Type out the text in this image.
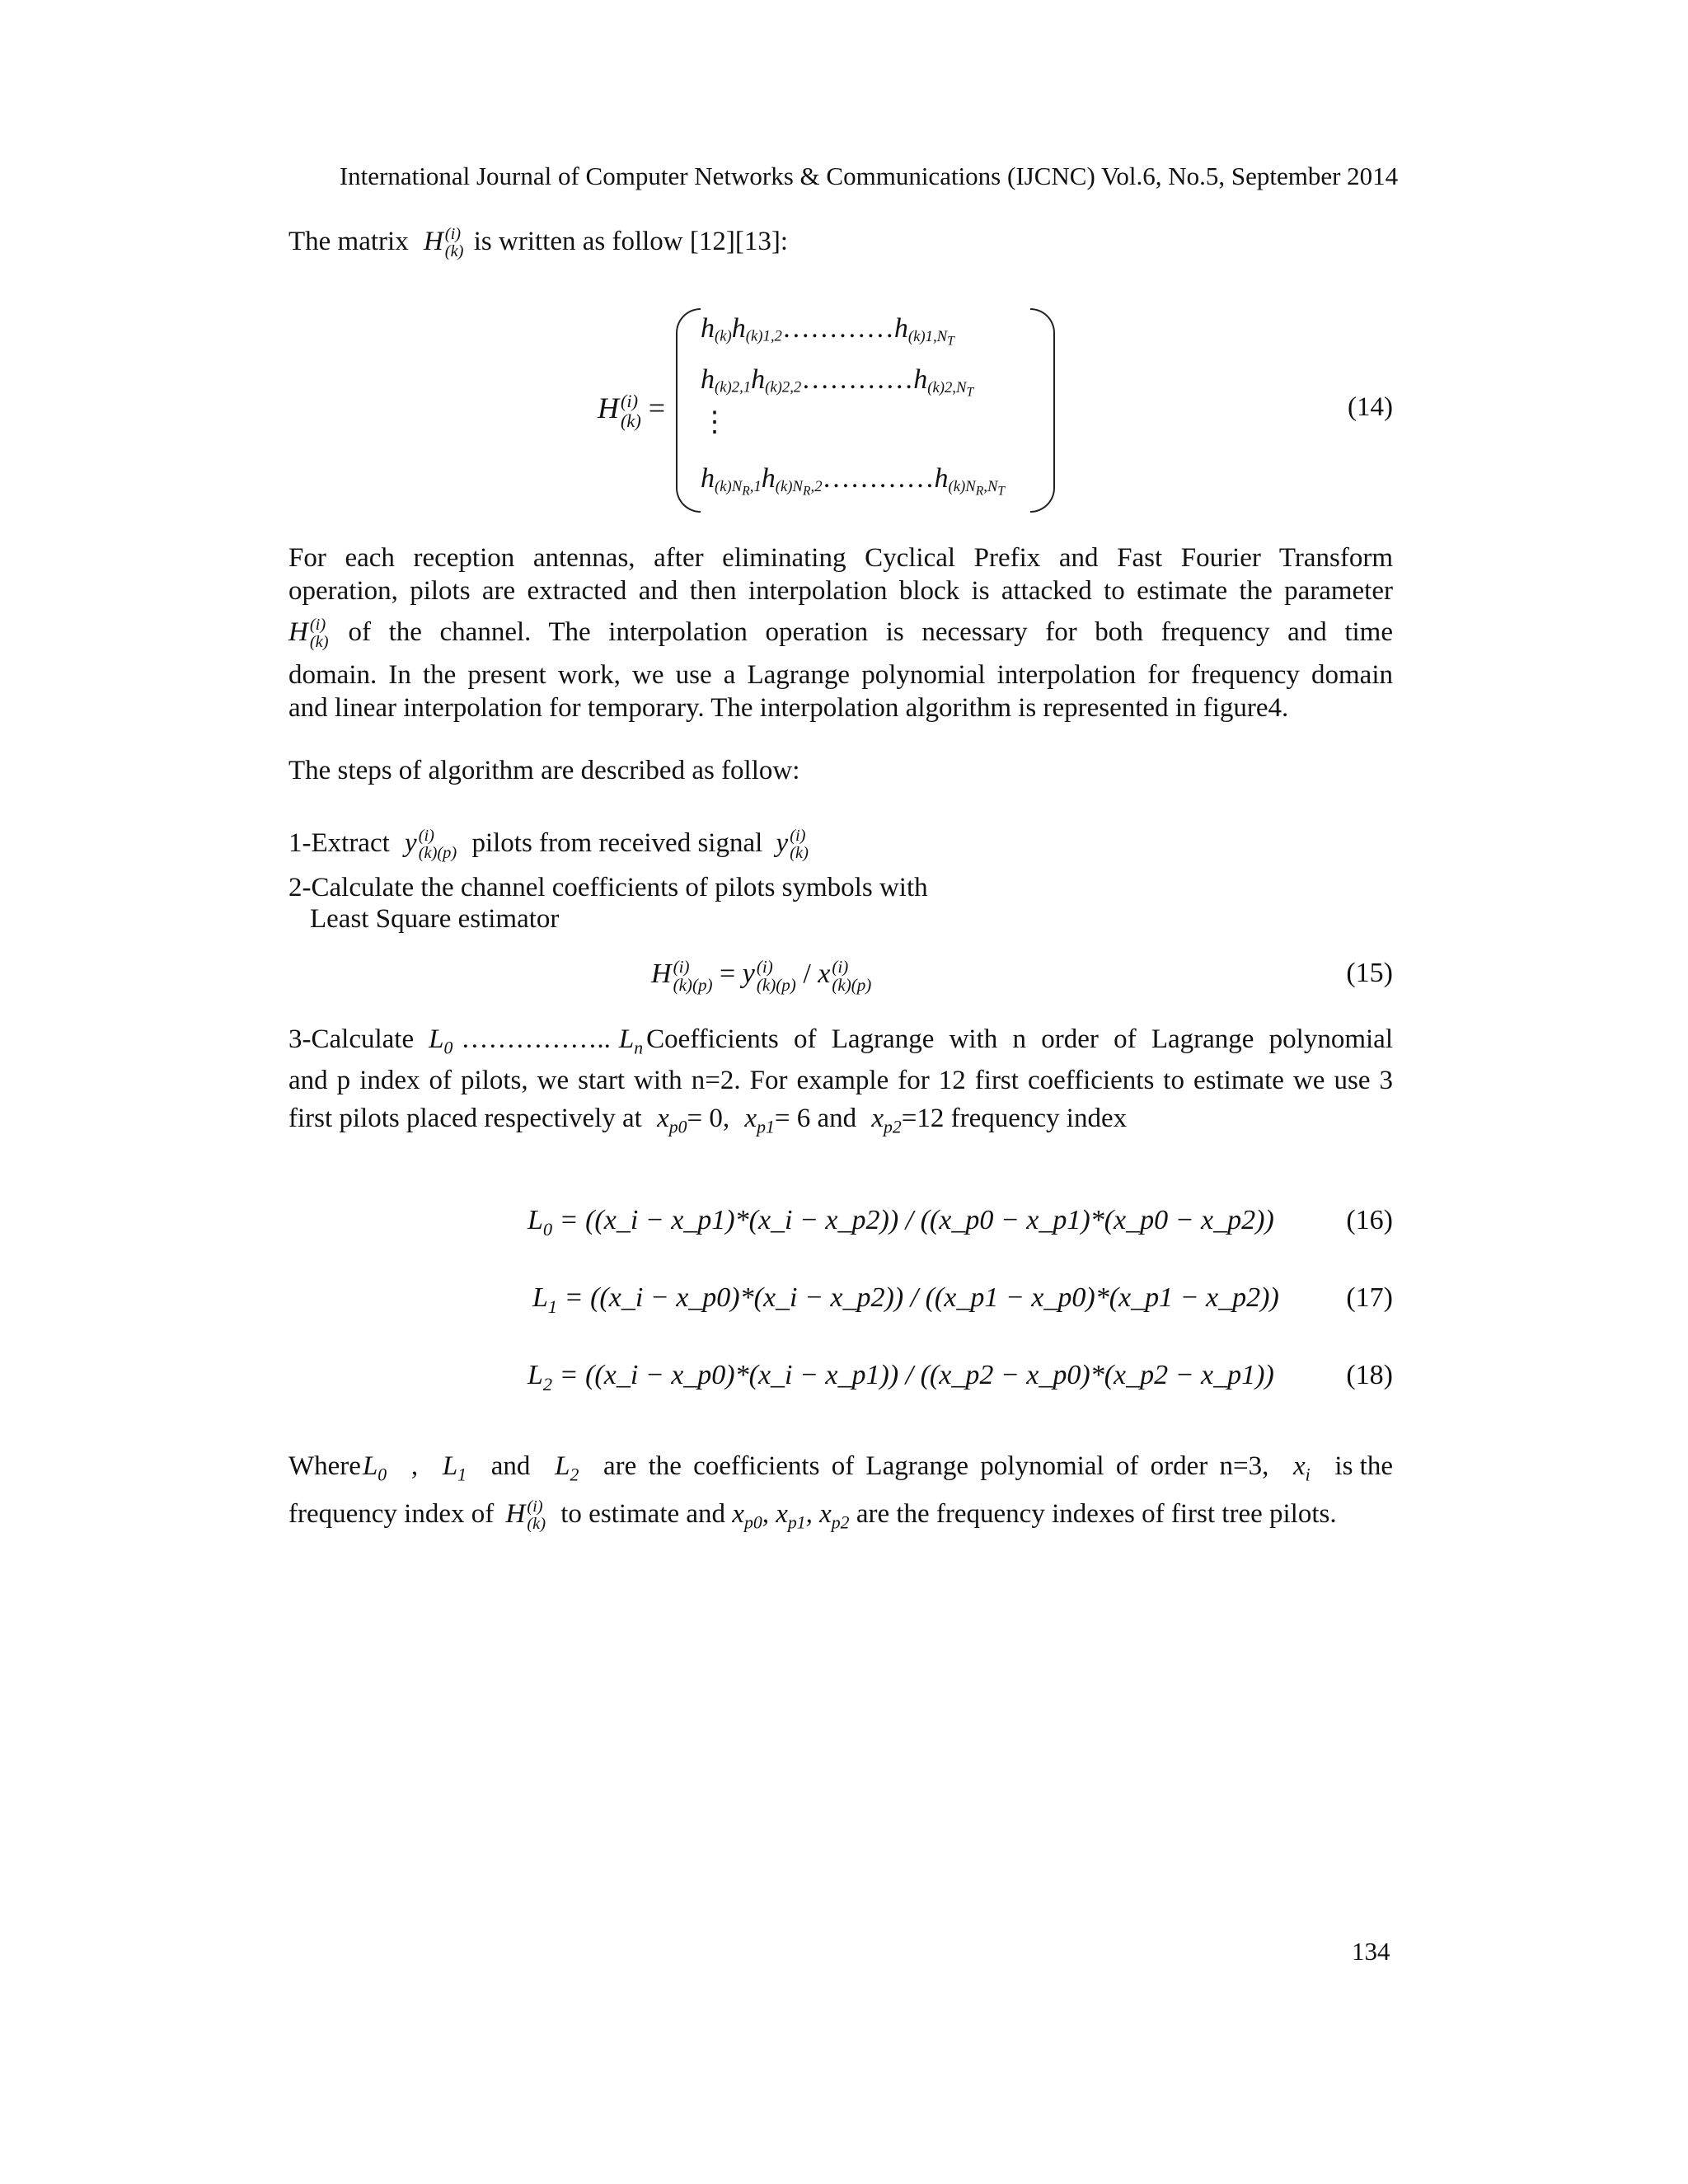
International Journal of Computer Networks & Communications (IJCNC) Vol.6, No.5, September 2014
The matrix H (i)
(k) is written as follow [12][13]:
H (i)
(k) =
$h(k)h(k)1,2\dots\dots\dots\dots h(k)1,N_T$
$h(k)2,1h(k)2,2\dots\dots\dots\dots h(k)2,N_T$
⋮
$h(k)N_R,1h(k)N_R,2\dots\dots\dots\dots h(k)N_R,N_T$
(14)
For each reception antennas, after eliminating Cyclical Prefix and Fast Fourier Transform
operation, pilots are extracted and then interpolation block is attacked to estimate the parameter
H (i)
(k) of the channel. The interpolation operation is necessary for both frequency and time
domain. In the present work, we use a Lagrange polynomial interpolation for frequency domain
and linear interpolation for temporary. The interpolation algorithm is represented in figure4.
The steps of algorithm are described as follow:
1-Extract y (i)
(k)(p) pilots from received signal y (i)
(k)
2-Calculate the channel coefficients of pilots symbols with
Least Square estimator
H (i)
(k)(p) = y (i)
(k)(p) / x (i)
(k)(p)	(15)
3-Calculate $L_0$ …………….. $L_n$ Coefficients of Lagrange with n order of Lagrange polynomial
and p index of pilots, we start with n=2. For example for 12 first coefficients to estimate we use 3
first pilots placed respectively at $x_{p0}= 0$, $x_{p1}= 6$ and $x_{p2}=12$ frequency index
$L_0$ = ((x_i − x_p1)*(x_i − x_p2)) / ((x_p0 − x_p1)*(x_p0 − x_p2))	(16)
$L_1$ = ((x_i − x_p0)*(x_i − x_p2)) / ((x_p1 − x_p0)*(x_p1 − x_p2)) (17)
$L_2$ = ((x_i − x_p0)*(x_i − x_p1)) / ((x_p2 − x_p0)*(x_p2 − x_p1))	(18)
WhereL$_0$ , $L_1$ and $L_2$ are the coefficients of Lagrange polynomial of order n=3, $x_i$ is the
frequency index of H (i)
(k) to estimate and $x_{p0}$, $x_{p1}$, $x_{p2}$ are the frequency indexes of first tree pilots.
134
